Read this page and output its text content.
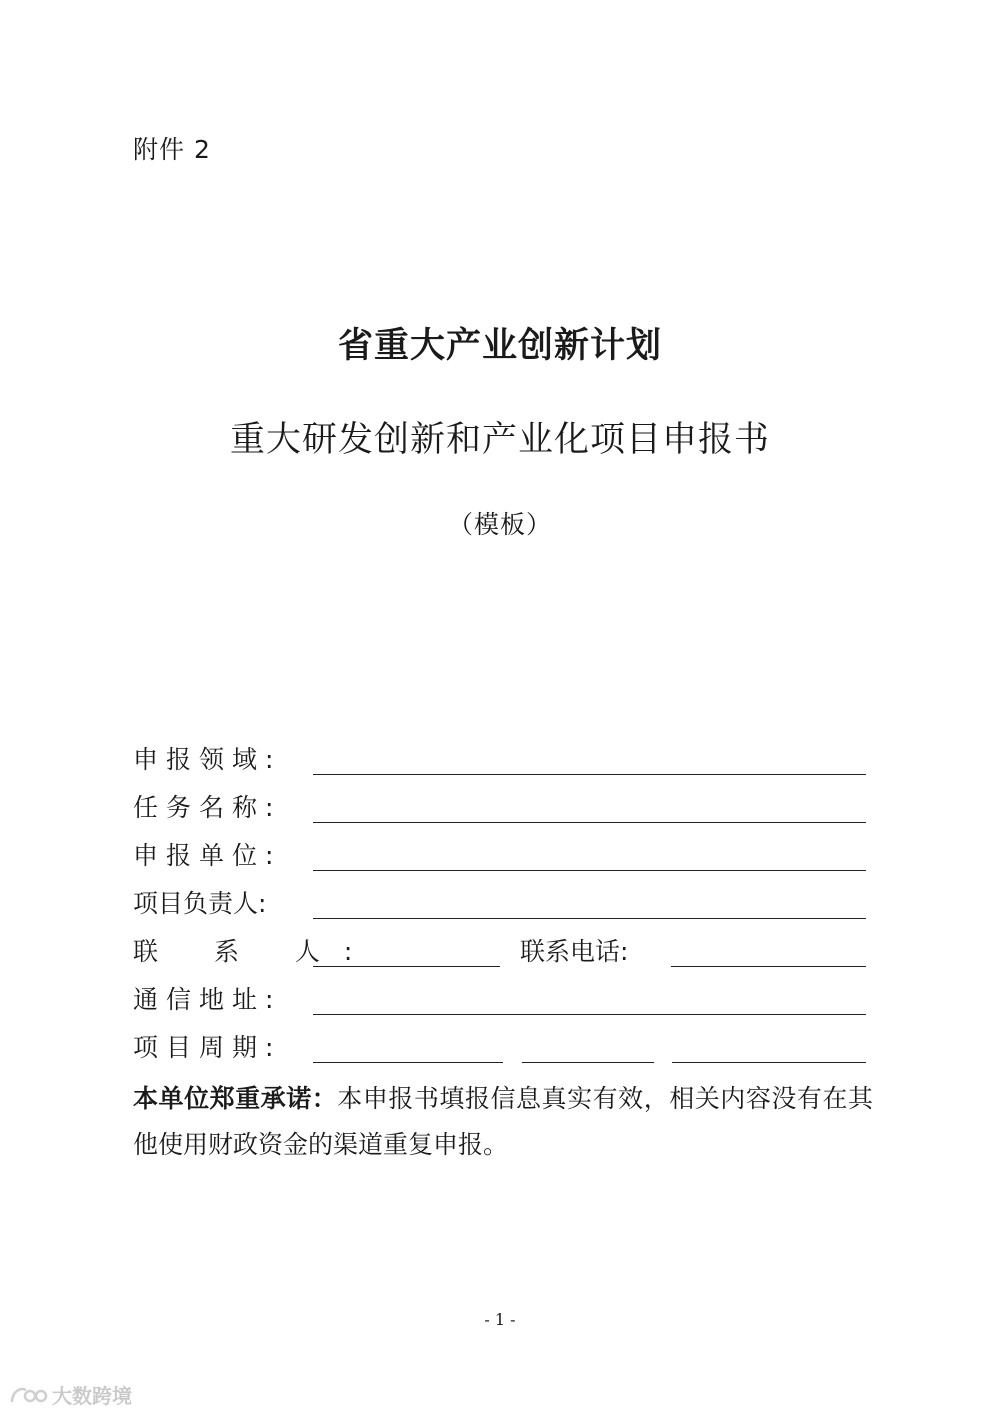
附件 2
省重大产业创新计划
重大研发创新和产业化项目申报书
（模板）
申报领域:
任务名称:
申报单位:
项目负责人:
联 系 人:	联系电话:
通信地址:
项目周期:
本单位郑重承诺：本申报书填报信息真实有效，相关内容没有在其他使用财政资金的渠道重复申报。
- 1 -
大数跨境
